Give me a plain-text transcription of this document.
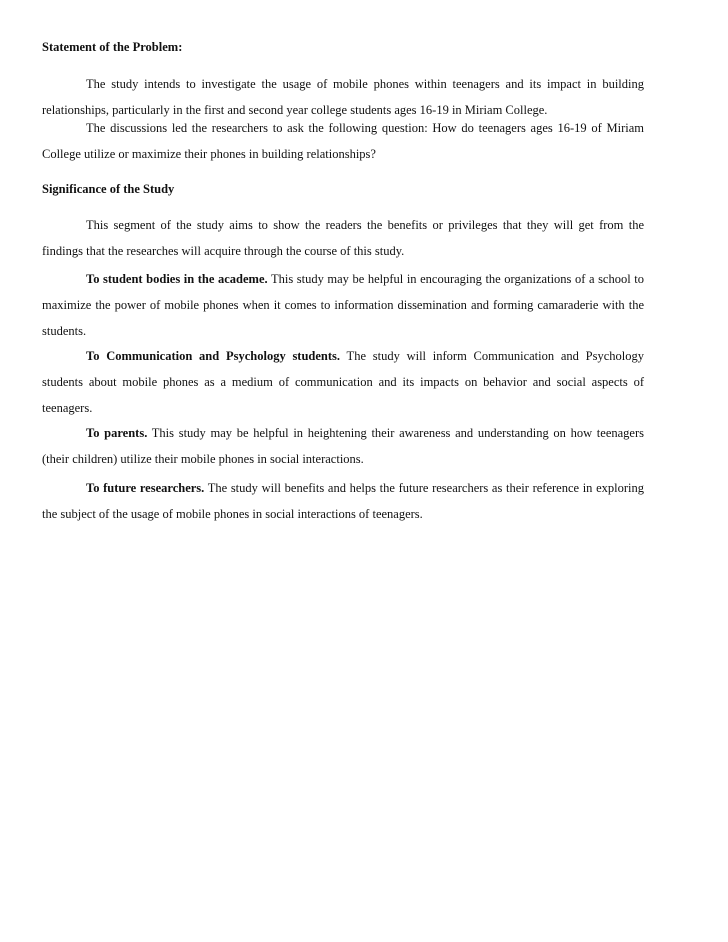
Statement of the Problem:

The study intends to investigate the usage of mobile phones within teenagers and its impact in building relationships, particularly in the first and second year college students ages 16-19 in Miriam College.

The discussions led the researchers to ask the following question: How do teenagers ages 16-19 of Miriam College utilize or maximize their phones in building relationships?

Significance of the Study

This segment of the study aims to show the readers the benefits or privileges that they will get from the findings that the researches will acquire through the course of this study.

To student bodies in the academe. This study may be helpful in encouraging the organizations of a school to maximize the power of mobile phones when it comes to information dissemination and forming camaraderie with the students.

To Communication and Psychology students. The study will inform Communication and Psychology students about mobile phones as a medium of communication and its impacts on behavior and social aspects of teenagers.

To parents. This study may be helpful in heightening their awareness and understanding on how teenagers (their children) utilize their mobile phones in social interactions.

To future researchers. The study will benefits and helps the future researchers as their reference in exploring the subject of the usage of mobile phones in social interactions of teenagers.
